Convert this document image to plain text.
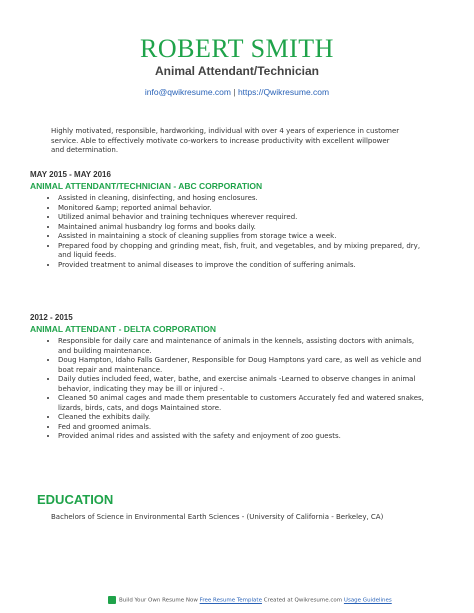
ROBERT SMITH
Animal Attendant/Technician
info@qwikresume.com | https://Qwikresume.com
Highly motivated, responsible, hardworking, individual with over 4 years of experience in customer service. Able to effectively motivate co-workers to increase productivity with excellent willpower and determination.
MAY 2015 - MAY 2016
ANIMAL ATTENDANT/TECHNICIAN - ABC CORPORATION
• Assisted in cleaning, disinfecting, and hosing enclosures.
• Monitored &amp; reported animal behavior.
• Utilized animal behavior and training techniques wherever required.
• Maintained animal husbandry log forms and books daily.
• Assisted in maintaining a stock of cleaning supplies from storage twice a week.
• Prepared food by chopping and grinding meat, fish, fruit, and vegetables, and by mixing prepared, dry, and liquid feeds.
• Provided treatment to animal diseases to improve the condition of suffering animals.
2012 - 2015
ANIMAL ATTENDANT - DELTA CORPORATION
• Responsible for daily care and maintenance of animals in the kennels, assisting doctors with animals, and building maintenance.
• Doug Hampton, Idaho Falls Gardener, Responsible for Doug Hamptons yard care, as well as vehicle and boat repair and maintenance.
• Daily duties included feed, water, bathe, and exercise animals -Learned to observe changes in animal behavior, indicating they may be ill or injured -.
• Cleaned 50 animal cages and made them presentable to customers Accurately fed and watered snakes, lizards, birds, cats, and dogs Maintained store.
• Cleaned the exhibits daily.
• Fed and groomed animals.
• Provided animal rides and assisted with the safety and enjoyment of zoo guests.
EDUCATION
Bachelors of Science in Environmental Earth Sciences - (University of California - Berkeley, CA)
Build Your Own Resume Now Free Resume Template Created at Qwikresume.com Usage Guidelines
